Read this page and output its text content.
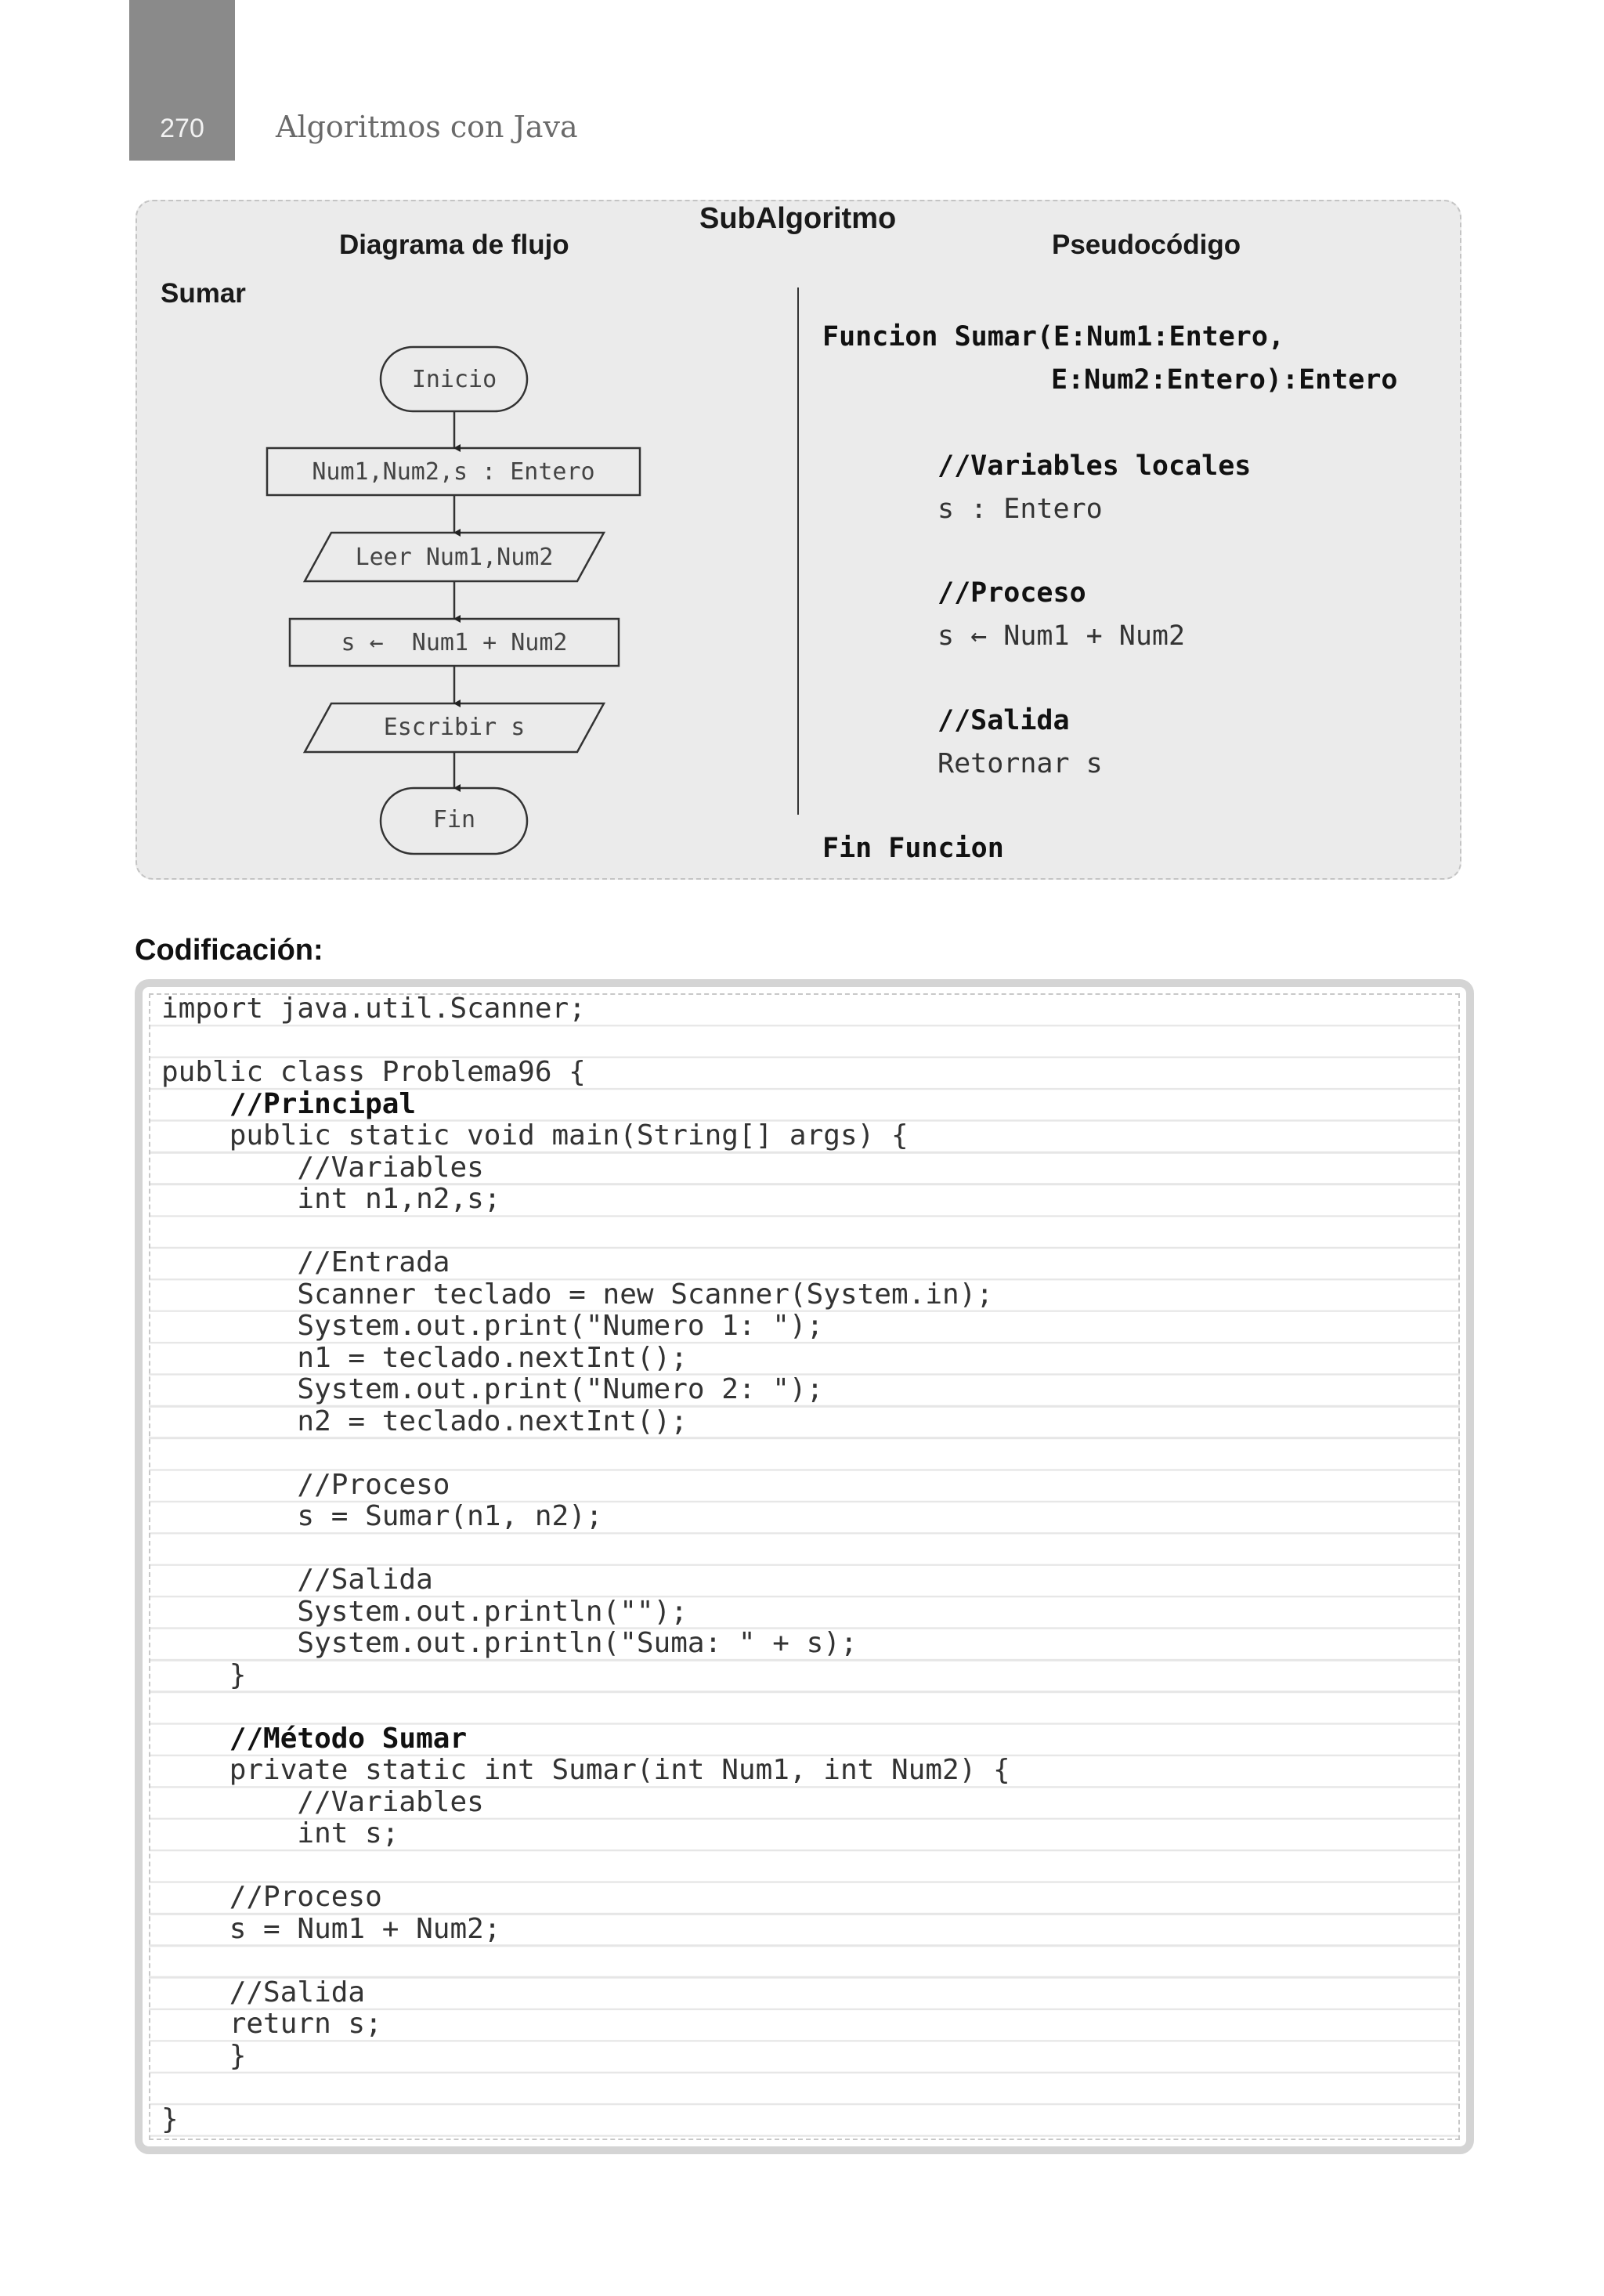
270	Algoritmos con Java
SubAlgoritmo
Diagrama de flujo	Pseudocódigo
Sumar
Inicio
Num1,Num2,s : Entero
Leer Num1,Num2
s ←  Num1 + Num2
Escribir s
Fin
Funcion Sumar(E:Num1:Entero,
E:Num2:Entero):Entero
//Variables locales
s : Entero
//Proceso
s ← Num1 + Num2
//Salida
Retornar s
Fin Funcion
Codificación:
import java.util.Scanner;

public class Problema96 {
//Principal
public static void main(String[] args) {
//Variables
int n1,n2,s;

//Entrada
Scanner teclado = new Scanner(System.in);
System.out.print("Numero 1: ");
n1 = teclado.nextInt();
System.out.print("Numero 2: ");
n2 = teclado.nextInt();

//Proceso
s = Sumar(n1, n2);

//Salida
System.out.println("");
System.out.println("Suma: " + s);
}

//Método Sumar
private static int Sumar(int Num1, int Num2) {
//Variables
int s;

//Proceso
s = Num1 + Num2;

//Salida
return s;
}

}
